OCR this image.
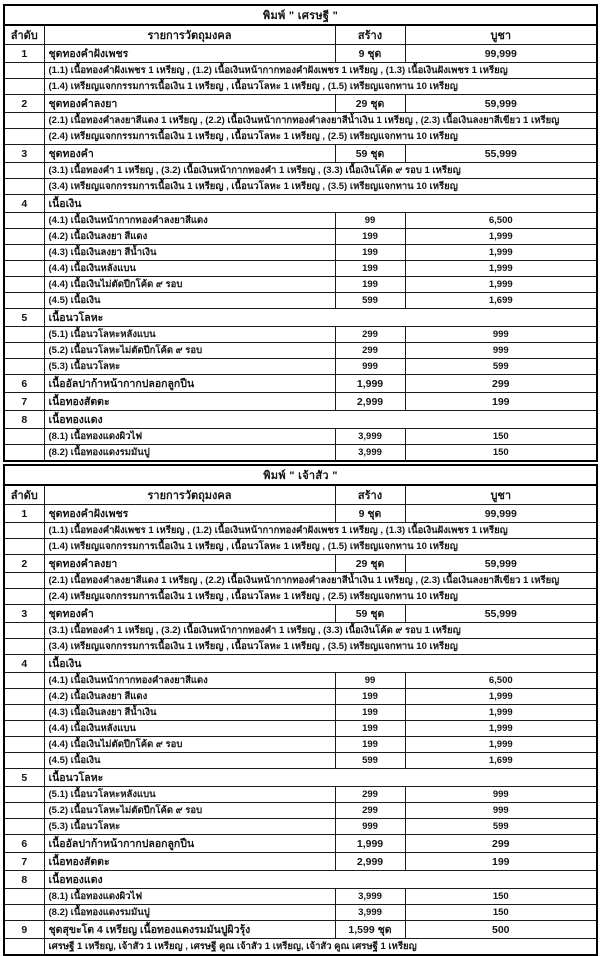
พิมพ์ " เศรษฐี "			
ลำดับ	รายการวัตถุมงคล	สร้าง	บูชา
1	ชุดทองคำฝังเพชร	9 ชุด	99,999
	(1.1) เนื้อทองคำฝังเพชร 1 เหรียญ , (1.2) เนื้อเงินหน้ากากทองคำฝังเพชร 1 เหรียญ , (1.3) เนื้อเงินฝังเพชร 1 เหรียญ		
	(1.4) เหรียญแจกกรรมการเนื้อเงิน 1 เหรียญ , เนื้อนวโลหะ 1 เหรียญ , (1.5) เหรียญแจกทาน 10 เหรียญ		
2	ชุดทองคำลงยา	29 ชุด	59,999
	(2.1) เนื้อทองคำลงยาสีแดง 1 เหรียญ , (2.2) เนื้อเงินหน้ากากทองคำลงยาสีน้ำเงิน 1 เหรียญ , (2.3) เนื้อเงินลงยาสีเขียว 1 เหรียญ		
	(2.4) เหรียญแจกกรรมการเนื้อเงิน 1 เหรียญ , เนื้อนวโลหะ 1 เหรียญ , (2.5) เหรียญแจกทาน 10 เหรียญ		
3	ชุดทองคำ	59 ชุด	55,999
	(3.1) เนื้อทองคำ 1 เหรียญ , (3.2) เนื้อเงินหน้ากากทองคำ 1 เหรียญ , (3.3) เนื้อเงินโค้ด ๙ รอบ 1 เหรียญ		
	(3.4) เหรียญแจกกรรมการเนื้อเงิน 1 เหรียญ , เนื้อนวโลหะ 1 เหรียญ , (3.5) เหรียญแจกทาน 10 เหรียญ		
4	เนื้อเงิน		
	(4.1) เนื้อเงินหน้ากากทองคำลงยาสีแดง	99	6,500
	(4.2) เนื้อเงินลงยา สีแดง	199	1,999
	(4.3) เนื้อเงินลงยา สีน้ำเงิน	199	1,999
	(4.4) เนื้อเงินหลังแบน	199	1,999
	(4.4) เนื้อเงินไม่ตัดปีกโค้ด ๙ รอบ	199	1,999
	(4.5) เนื้อเงิน	599	1,699
5	เนื้อนวโลหะ		
	(5.1) เนื้อนวโลหะหลังแบน	299	999
	(5.2) เนื้อนวโลหะไม่ตัดปีกโค้ด ๙ รอบ	299	999
	(5.3) เนื้อนวโลหะ	999	599
6	เนื้ออัลปาก้าหน้ากากปลอกลูกปืน	1,999	299
7	เนื้อทองสัตตะ	2,999	199
8	เนื้อทองแดง		
	(8.1) เนื้อทองแดงผิวไฟ	3,999	150
	(8.2) เนื้อทองแดงรมมันปู	3,999	150
พิมพ์ " เจ้าสัว "			
ลำดับ	รายการวัตถุมงคล	สร้าง	บูชา
1	ชุดทองคำฝังเพชร	9 ชุด	99,999
	(1.1) เนื้อทองคำฝังเพชร 1 เหรียญ , (1.2) เนื้อเงินหน้ากากทองคำฝังเพชร 1 เหรียญ , (1.3) เนื้อเงินฝังเพชร 1 เหรียญ		
	(1.4) เหรียญแจกกรรมการเนื้อเงิน 1 เหรียญ , เนื้อนวโลหะ 1 เหรียญ , (1.5) เหรียญแจกทาน 10 เหรียญ		
2	ชุดทองคำลงยา	29 ชุด	59,999
	(2.1) เนื้อทองคำลงยาสีแดง 1 เหรียญ , (2.2) เนื้อเงินหน้ากากทองคำลงยาสีน้ำเงิน 1 เหรียญ , (2.3) เนื้อเงินลงยาสีเขียว 1 เหรียญ		
	(2.4) เหรียญแจกกรรมการเนื้อเงิน 1 เหรียญ , เนื้อนวโลหะ 1 เหรียญ , (2.5) เหรียญแจกทาน 10 เหรียญ		
3	ชุดทองคำ	59 ชุด	55,999
	(3.1) เนื้อทองคำ 1 เหรียญ , (3.2) เนื้อเงินหน้ากากทองคำ 1 เหรียญ , (3.3) เนื้อเงินโค้ด ๙ รอบ 1 เหรียญ		
	(3.4) เหรียญแจกกรรมการเนื้อเงิน 1 เหรียญ , เนื้อนวโลหะ 1 เหรียญ , (3.5) เหรียญแจกทาน 10 เหรียญ		
4	เนื้อเงิน		
	(4.1) เนื้อเงินหน้ากากทองคำลงยาสีแดง	99	6,500
	(4.2) เนื้อเงินลงยา สีแดง	199	1,999
	(4.3) เนื้อเงินลงยา สีน้ำเงิน	199	1,999
	(4.4) เนื้อเงินหลังแบน	199	1,999
	(4.4) เนื้อเงินไม่ตัดปีกโค้ด ๙ รอบ	199	1,999
	(4.5) เนื้อเงิน	599	1,699
5	เนื้อนวโลหะ		
	(5.1) เนื้อนวโลหะหลังแบน	299	999
	(5.2) เนื้อนวโลหะไม่ตัดปีกโค้ด ๙ รอบ	299	999
	(5.3) เนื้อนวโลหะ	999	599
6	เนื้ออัลปาก้าหน้ากากปลอกลูกปืน	1,999	299
7	เนื้อทองสัตตะ	2,999	199
8	เนื้อทองแดง		
	(8.1) เนื้อทองแดงผิวไฟ	3,999	150
	(8.2) เนื้อทองแดงรมมันปู	3,999	150
9	ชุดสุขะโต 4 เหรียญ เนื้อทองแดงรมมันปูผิวรุ้ง	1,599 ชุด	500
	เศรษฐี 1 เหรียญ, เจ้าสัว 1 เหรียญ , เศรษฐี คูณ เจ้าสัว 1 เหรียญ, เจ้าสัว คูณ เศรษฐี 1 เหรียญ		
